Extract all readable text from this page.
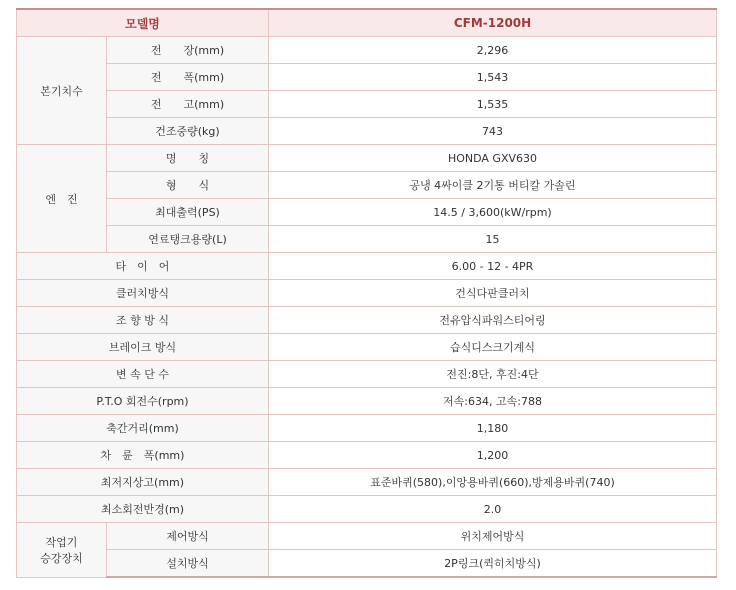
모델명		CFM-1200H
본기치수	전　　장(mm)	2,296
	전　　폭(mm)	1,543
	전　　고(mm)	1,535
	건조중량(kg)	743
엔　진	명　　칭	HONDA GXV630
	형　　식	공냉 4싸이클 2기통 버티칼 가솔린
	최대출력(PS)	14.5 / 3,600(kW/rpm)
	연료탱크용량(L)	15
타　이　어		6.00 - 12 - 4PR
클러치방식		건식다판클러치
조 향 방 식		전유압식파워스티어링
브레이크 방식		습식디스크기계식
변 속 단 수		전진:8단, 후진:4단
P.T.O 회전수(rpm)		저속:634, 고속:788
축간거리(mm)		1,180
차　륜　폭(mm)		1,200
최저지상고(mm)		표준바퀴(580),이앙용바퀴(660),방제용바퀴(740)
최소회전반경(m)		2.0

작업기
승강장치	제어방식	위치제어방식
	설치방식	2P링크(퀵히치방식)
